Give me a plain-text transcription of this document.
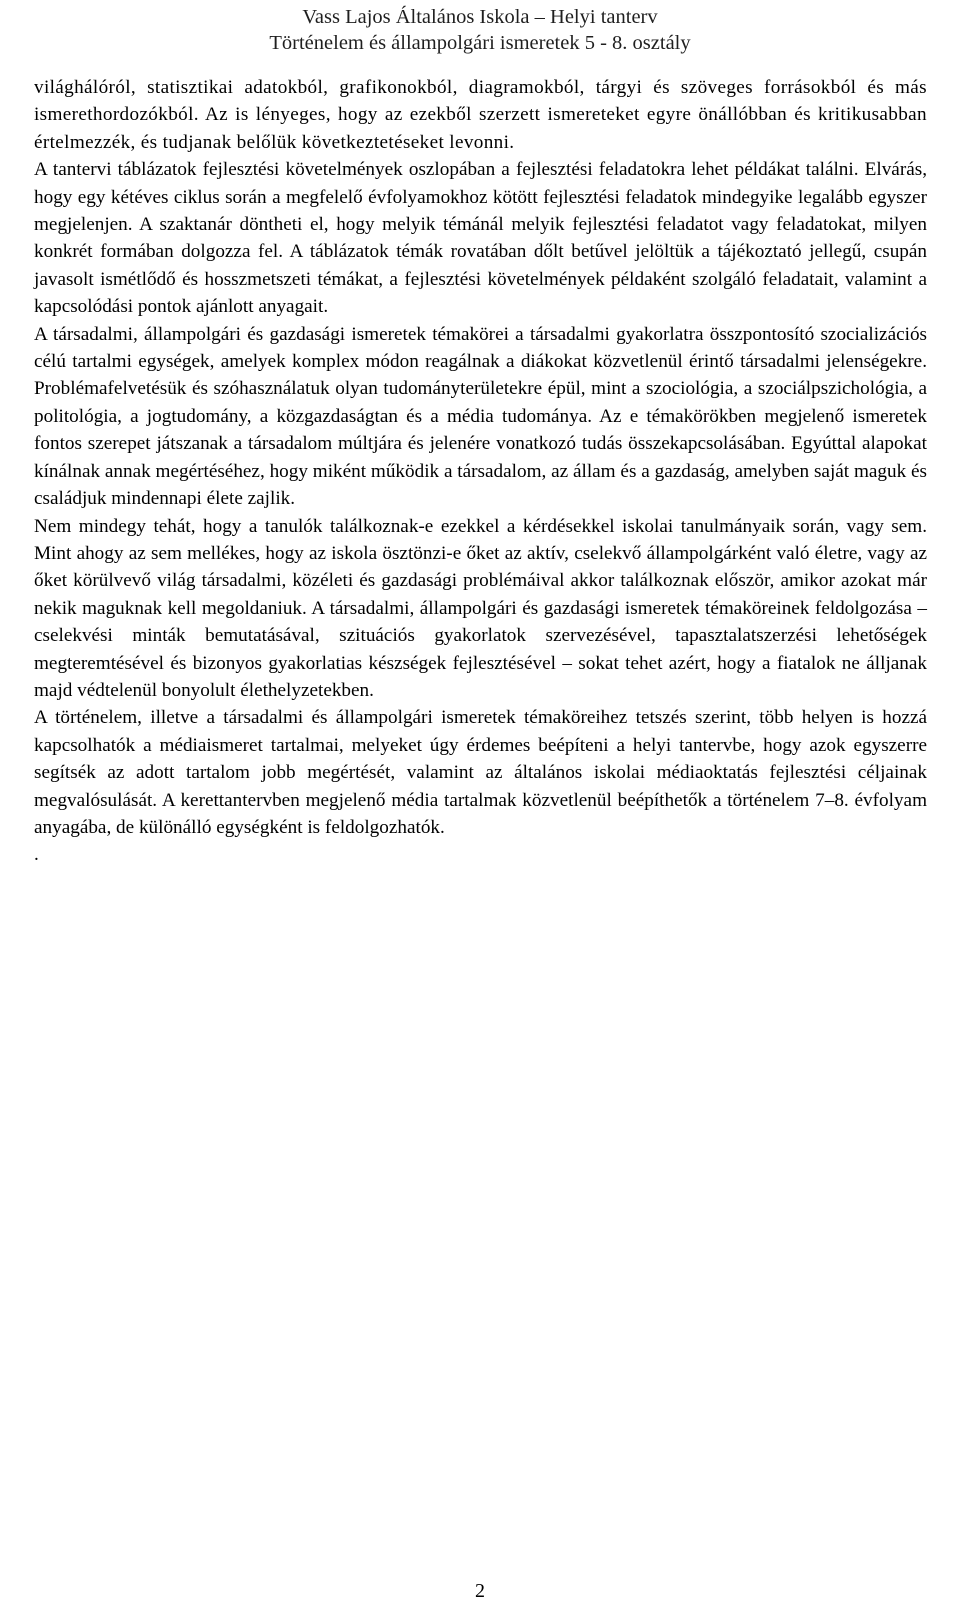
Vass Lajos Általános Iskola – Helyi tanterv
Történelem és állampolgári ismeretek 5 - 8. osztály

világhálóról, statisztikai adatokból, grafikonokból, diagramokból, tárgyi és szöveges forrásokból és más ismerethordozókból. Az is lényeges, hogy az ezekből szerzett ismereteket egyre önállóbban és kritikusabban értelmezzék, és tudjanak belőlük következtetéseket levonni.

A tantervi táblázatok fejlesztési követelmények oszlopában a fejlesztési feladatokra lehet példákat találni. Elvárás, hogy egy kétéves ciklus során a megfelelő évfolyamokhoz kötött fejlesztési feladatok mindegyike legalább egyszer megjelenjen. A szaktanár döntheti el, hogy melyik témánál melyik fejlesztési feladatot vagy feladatokat, milyen konkrét formában dolgozza fel. A táblázatok témák rovatában dőlt betűvel jelöltük a tájékoztató jellegű, csupán javasolt ismétlődő és hosszmetszeti témákat, a fejlesztési követelmények példaként szolgáló feladatait, valamint a kapcsolódási pontok ajánlott anyagait.

A társadalmi, állampolgári és gazdasági ismeretek témakörei a társadalmi gyakorlatra összpontosító szocializációs célú tartalmi egységek, amelyek komplex módon reagálnak a diákokat közvetlenül érintő társadalmi jelenségekre. Problémafelvetésük és szóhasználatuk olyan tudományterületekre épül, mint a szociológia, a szociálpszichológia, a politológia, a jogtudomány, a közgazdaságtan és a média tudománya. Az e témakörökben megjelenő ismeretek fontos szerepet játszanak a társadalom múltjára és jelenére vonatkozó tudás összekapcsolásában. Egyúttal alapokat kínálnak annak megértéséhez, hogy miként működik a társadalom, az állam és a gazdaság, amelyben saját maguk és családjuk mindennapi élete zajlik.

Nem mindegy tehát, hogy a tanulók találkoznak-e ezekkel a kérdésekkel iskolai tanulmányaik során, vagy sem. Mint ahogy az sem mellékes, hogy az iskola ösztönzi-e őket az aktív, cselekvő állampolgárként való életre, vagy az őket körülvevő világ társadalmi, közéleti és gazdasági problémáival akkor találkoznak először, amikor azokat már nekik maguknak kell megoldaniuk. A társadalmi, állampolgári és gazdasági ismeretek témaköreinek feldolgozása – cselekvési minták bemutatásával, szituációs gyakorlatok szervezésével, tapasztalatszerzési lehetőségek megteremtésével és bizonyos gyakorlatias készségek fejlesztésével – sokat tehet azért, hogy a fiatalok ne álljanak majd védtelenül bonyolult élethelyzetekben.

A történelem, illetve a társadalmi és állampolgári ismeretek témaköreihez tetszés szerint, több helyen is hozzá kapcsolhatók a médiaismeret tartalmai, melyeket úgy érdemes beépíteni a helyi tantervbe, hogy azok egyszerre segítsék az adott tartalom jobb megértését, valamint az általános iskolai médiaoktatás fejlesztési céljainak megvalósulását. A kerettantervben megjelenő média tartalmak közvetlenül beépíthetők a történelem 7–8. évfolyam anyagába, de különálló egységként is feldolgozhatók.

.

2
